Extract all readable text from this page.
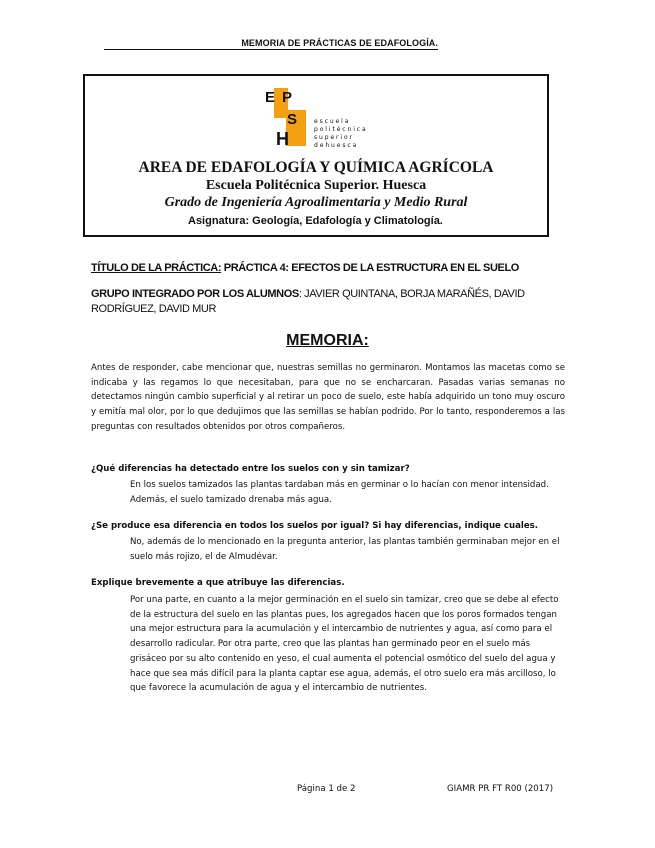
MEMORIA DE PRÁCTICAS DE EDAFOLOGÍA.
E P
S
H
e s c u e l a
p o l i t é c n i c a
s u p e r i o r
d e h u e s c a
AREA DE EDAFOLOGÍA Y QUÍMICA AGRÍCOLA
Escuela Politécnica Superior. Huesca
Grado de Ingeniería Agroalimentaria y Medio Rural
Asignatura: Geología, Edafología y Climatología.
TÍTULO DE LA PRÁCTICA: PRÁCTICA 4: EFECTOS DE LA ESTRUCTURA EN EL SUELO
GRUPO INTEGRADO POR LOS ALUMNOS: JAVIER QUINTANA, BORJA MARAÑÉS, DAVID RODRÍGUEZ, DAVID MUR
MEMORIA:
Antes de responder, cabe mencionar que, nuestras semillas no germinaron. Montamos las macetas como se indicaba y las regamos lo que necesitaban, para que no se encharcaran. Pasadas varias semanas no detectamos ningún cambio superficial y al retirar un poco de suelo, este había adquirido un tono muy oscuro y emitía mal olor, por lo que dedujimos que las semillas se habían podrido. Por lo tanto, responderemos a las preguntas con resultados obtenidos por otros compañeros.
¿Qué diferencias ha detectado entre los suelos con y sin tamizar?
En los suelos tamizados las plantas tardaban más en germinar o lo hacían con menor intensidad. Además, el suelo tamizado drenaba más agua.
¿Se produce esa diferencia en todos los suelos por igual? Si hay diferencias, indique cuales.
No, además de lo mencionado en la pregunta anterior, las plantas también germinaban mejor en el suelo más rojizo, el de Almudévar.
Explique brevemente a que atribuye las diferencias.
Por una parte, en cuanto a la mejor germinación en el suelo sin tamizar, creo que se debe al efecto de la estructura del suelo en las plantas pues, los agregados hacen que los poros formados tengan una mejor estructura para la acumulación y el intercambio de nutrientes y agua, así como para el desarrollo radicular. Por otra parte, creo que las plantas han germinado peor en el suelo más grisáceo por su alto contenido en yeso, el cual aumenta el potencial osmótico del suelo del agua y hace que sea más difícil para la planta captar ese agua, además, el otro suelo era más arcilloso, lo que favorece la acumulación de agua y el intercambio de nutrientes.
Página 1 de 2	GIAMR PR FT R00 (2017)
